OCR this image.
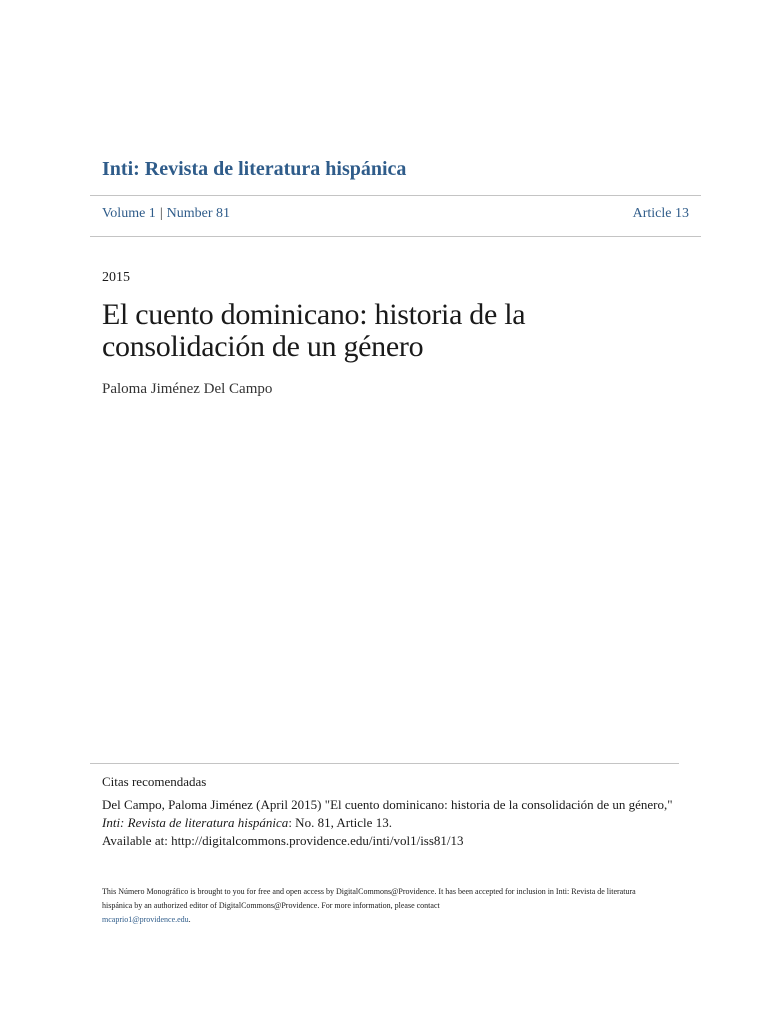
Inti: Revista de literatura hispánica
Volume 1 | Number 81	Article 13
2015
El cuento dominicano: historia de la consolidación de un género
Paloma Jiménez Del Campo
Citas recomendadas
Del Campo, Paloma Jiménez (April 2015) "El cuento dominicano: historia de la consolidación de un género," Inti: Revista de literatura hispánica: No. 81, Article 13.
Available at: http://digitalcommons.providence.edu/inti/vol1/iss81/13
This Número Monográfico is brought to you for free and open access by DigitalCommons@Providence. It has been accepted for inclusion in Inti: Revista de literatura hispánica by an authorized editor of DigitalCommons@Providence. For more information, please contact
mcaprio1@providence.edu.
